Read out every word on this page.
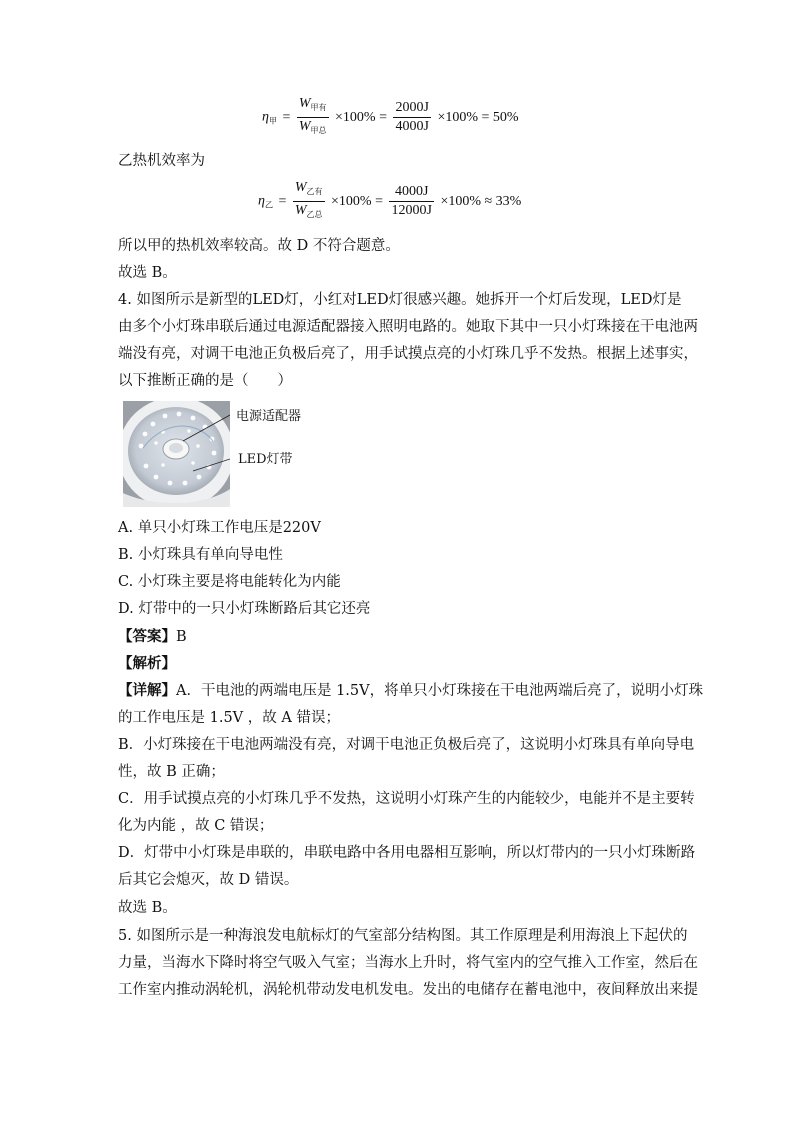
$\eta_甲 = \frac{W_{甲有}}{W_{甲总}} \times 100\% = \frac{2000J}{4000J} \times 100\% = 50\%$
乙热机效率为
$\eta_乙 = \frac{W_{乙有}}{W_{乙总}} \times 100\% = \frac{4000J}{12000J} \times 100\% \approx 33\%$
所以甲的热机效率较高。故 D 不符合题意。
故选 B。
4. 如图所示是新型的LED灯，小红对LED灯很感兴趣。她拆开一个灯后发现，LED灯是
由多个小灯珠串联后通过电源适配器接入照明电路的。她取下其中一只小灯珠接在干电池两
端没有亮，对调干电池正负极后亮了，用手试摸点亮的小灯珠几乎不发热。根据上述事实，
以下推断正确的是（　　）
电源适配器
LED灯带
A. 单只小灯珠工作电压是220V
B. 小灯珠具有单向导电性
C. 小灯珠主要是将电能转化为内能
D. 灯带中的一只小灯珠断路后其它还亮
【答案】B
【解析】
【详解】A．干电池的两端电压是 1.5V，将单只小灯珠接在干电池两端后亮了，说明小灯珠
的工作电压是 1.5V ，故 A 错误；
B．小灯珠接在干电池两端没有亮，对调干电池正负极后亮了，这说明小灯珠具有单向导电
性，故 B 正确；
C．用手试摸点亮的小灯珠几乎不发热，这说明小灯珠产生的内能较少，电能并不是主要转
化为内能 ，故 C 错误；
D．灯带中小灯珠是串联的，串联电路中各用电器相互影响，所以灯带内的一只小灯珠断路
后其它会熄灭，故 D 错误。
故选 B。
5. 如图所示是一种海浪发电航标灯的气室部分结构图。其工作原理是利用海浪上下起伏的
力量，当海水下降时将空气吸入气室；当海水上升时，将气室内的空气推入工作室，然后在
工作室内推动涡轮机，涡轮机带动发电机发电。发出的电储存在蓄电池中，夜间释放出来提
